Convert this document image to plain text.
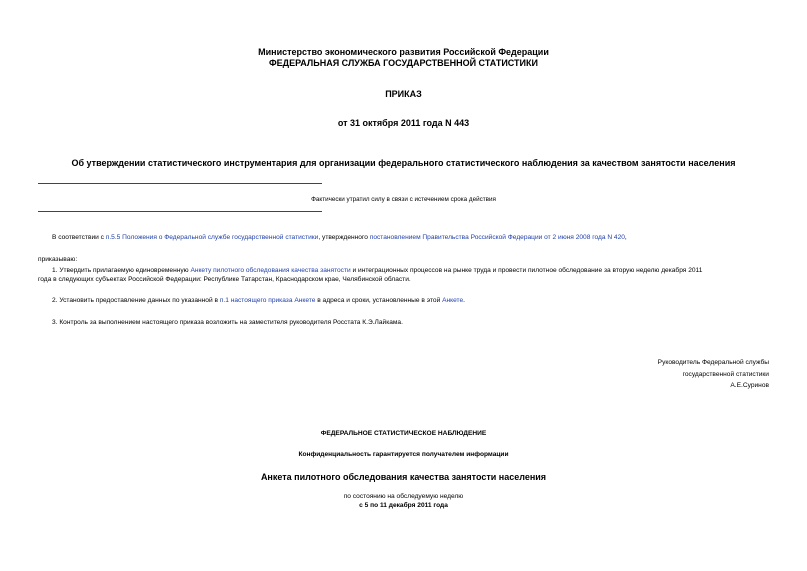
Министерство экономического развития Российской Федерации
ФЕДЕРАЛЬНАЯ СЛУЖБА ГОСУДАРСТВЕННОЙ СТАТИСТИКИ
ПРИКАЗ
от 31 октября 2011 года N 443
Об утверждении статистического инструментария для организации федерального статистического наблюдения за качеством занятости населения
Фактически утратил силу в связи с истечением срока действия
В соответствии с п.5.5 Положения о Федеральной службе государственной статистики, утвержденного постановлением Правительства Российской Федерации от 2 июня 2008 года N 420,
приказываю:
1. Утвердить прилагаемую единовременную Анкету пилотного обследования качества занятости и интеграционных процессов на рынке труда и провести пилотное обследование за вторую неделю декабря 2011
года в следующих субъектах Российской Федерации: Республике Татарстан, Краснодарском крае, Челябинской области.
2. Установить предоставление данных по указанной в п.1 настоящего приказа Анкете в адреса и сроки, установленные в этой Анкете.
3. Контроль за выполнением настоящего приказа возложить на заместителя руководителя Росстата К.Э.Лайкама.
Руководитель Федеральной службы
государственной статистики
А.Е.Суринов
ФЕДЕРАЛЬНОЕ СТАТИСТИЧЕСКОЕ НАБЛЮДЕНИЕ
Конфиденциальность гарантируется получателем информации
Анкета пилотного обследования качества занятости населения
по состоянию на обследуемую неделю
с 5 по 11 декабря 2011 года
